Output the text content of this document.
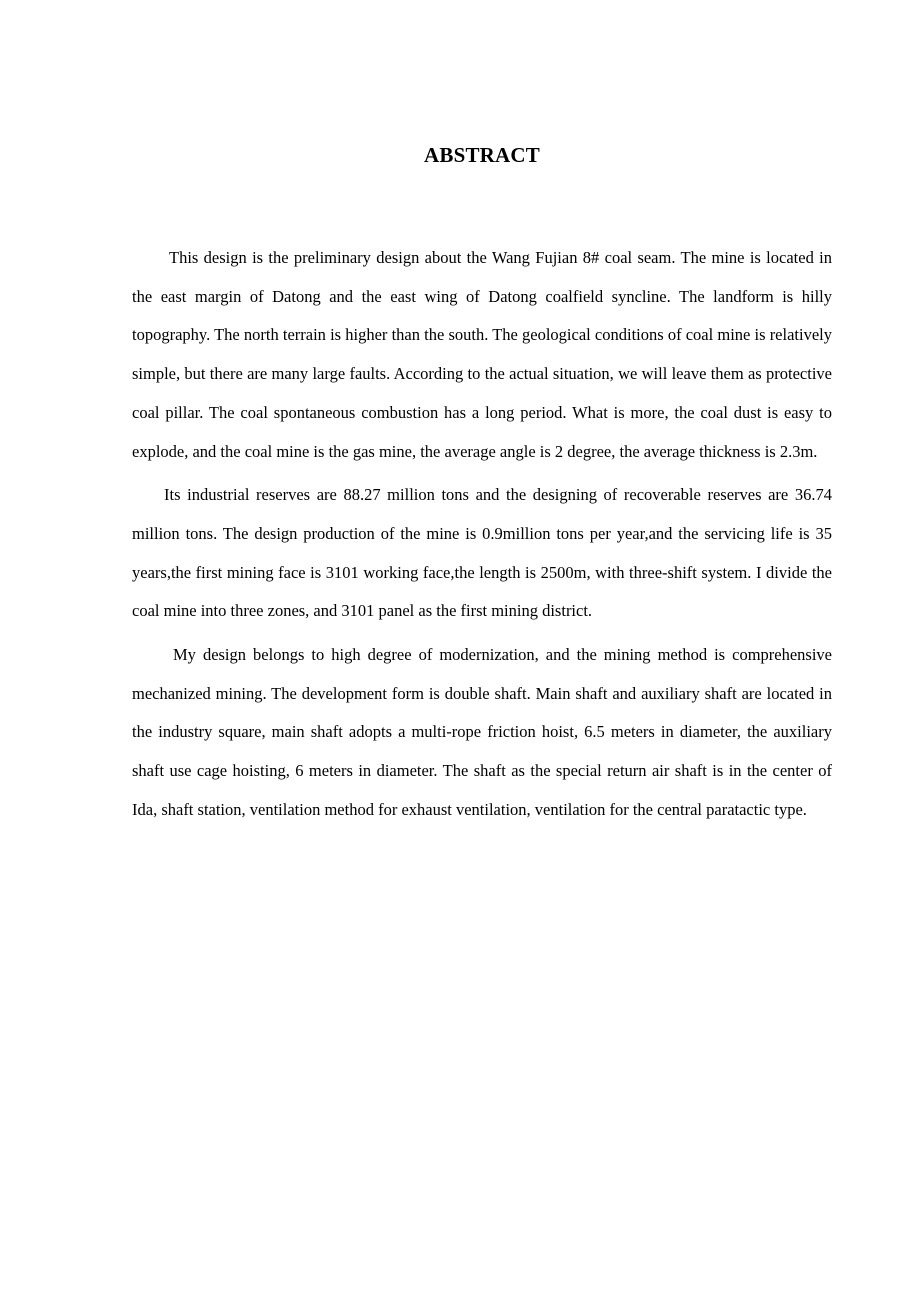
ABSTRACT

This design is the preliminary design about the Wang Fujian 8# coal seam. The mine is located in the east margin of Datong and the east wing of Datong coalfield syncline. The landform is hilly topography. The north terrain is higher than the south. The geological conditions of coal mine is relatively simple, but there are many large faults. According to the actual situation, we will leave them as protective coal pillar. The coal spontaneous combustion has a long period. What is more, the coal dust is easy to explode, and the coal mine is the gas mine, the average angle is 2 degree, the average thickness is 2.3m.

Its industrial reserves are 88.27 million tons and the designing of recoverable reserves are 36.74 million tons. The design production of the mine is 0.9million tons per year,and the servicing life is 35 years,the first mining face is 3101 working face,the length is 2500m, with three-shift system. I divide the coal mine into three zones, and 3101 panel as the first mining district.

My design belongs to high degree of modernization, and the mining method is comprehensive mechanized mining. The development form is double shaft. Main shaft and auxiliary shaft are located in the industry square, main shaft adopts a multi-rope friction hoist, 6.5 meters in diameter, the auxiliary shaft use cage hoisting, 6 meters in diameter. The shaft as the special return air shaft is in the center of Ida, shaft station, ventilation method for exhaust ventilation, ventilation for the central paratactic type.
